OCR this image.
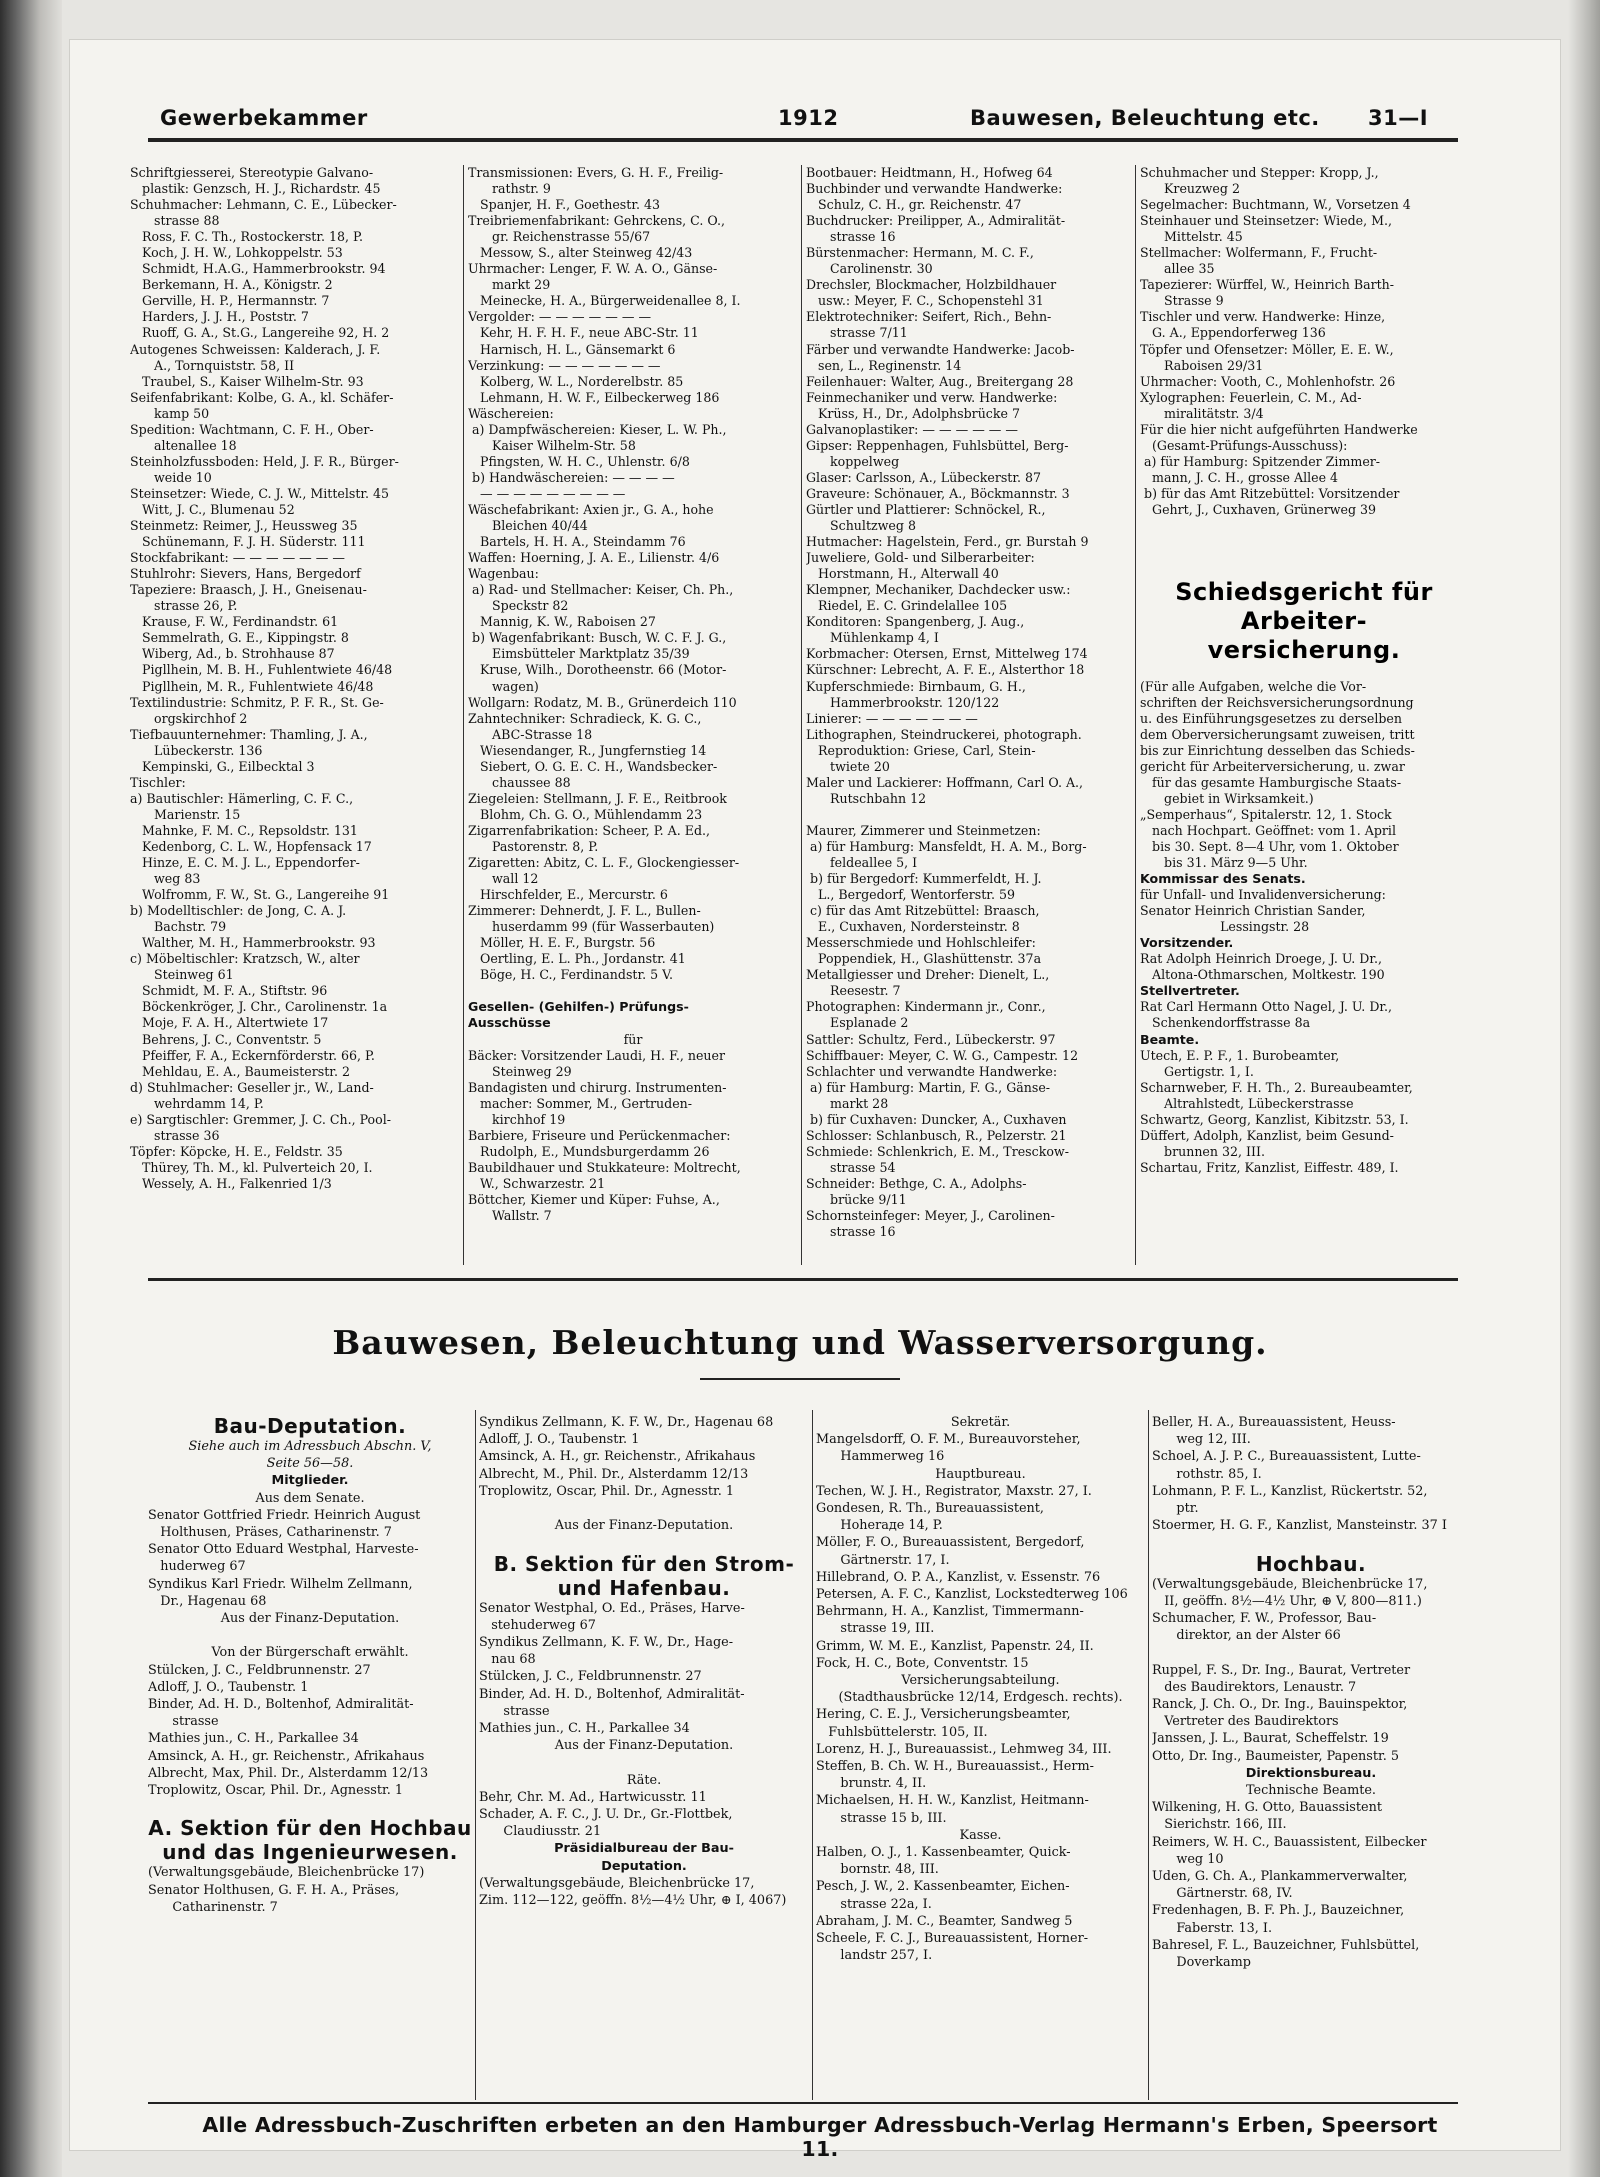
Gewerbekammer	1912	Bauwesen, Beleuchtung etc. 31—I
Schriftgiesserei, Stereotypie Galvano-
plastik: Genzsch, H. J., Richardstr. 45
Schuhmacher: Lehmann, C. E., Lübecker-
strasse 88
Ross, F. C. Th., Rostockerstr. 18, P.
Koch, J. H. W., Lohkoppelstr. 53
Schmidt, H.A.G., Hammerbrookstr. 94
Berkemann, H. A., Königstr. 2
Gerville, H. P., Hermannstr. 7
Harders, J. J. H., Poststr. 7
Ruoff, G. A., St.G., Langereihe 92, H. 2
Autogenes Schweissen: Kalderach, J. F.
A., Tornquiststr. 58, II
Traubel, S., Kaiser Wilhelm-Str. 93
Seifenfabrikant: Kolbe, G. A., kl. Schäfer-
kamp 50
Spedition: Wachtmann, C. F. H., Ober-
altenallee 18
Steinholzfussboden: Held, J. F. R., Bürger-
weide 10
Steinsetzer: Wiede, C. J. W., Mittelstr. 45
Witt, J. C., Blumenau 52
Steinmetz: Reimer, J., Heussweg 35
Schünemann, F. J. H. Süderstr. 111
Stockfabrikant: — — — — — — —
Stuhlrohr: Sievers, Hans, Bergedorf
Tapeziere: Braasch, J. H., Gneisenau-
strasse 26, P.
Krause, F. W., Ferdinandstr. 61
Semmelrath, G. E., Kippingstr. 8
Wiberg, Ad., b. Strohhause 87
Pigllhein, M. B. H., Fuhlentwiete 46/48
Pigllhein, M. R., Fuhlentwiete 46/48
Textilindustrie: Schmitz, P. F. R., St. Ge-
orgskirchhof 2
Tiefbauunternehmer: Thamling, J. A.,
Lübeckerstr. 136
Kempinski, G., Eilbecktal 3
Tischler:
a) Bautischler: Hämerling, C. F. C.,
Marienstr. 15
Mahnke, F. M. C., Repsoldstr. 131
Kedenborg, C. L. W., Hopfensack 17
Hinze, E. C. M. J. L., Eppendorfer-
weg 83
Wolfromm, F. W., St. G., Langereihe 91
b) Modelltischler: de Jong, C. A. J.
Bachstr. 79
Walther, M. H., Hammerbrookstr. 93
c) Möbeltischler: Kratzsch, W., alter
Steinweg 61
Schmidt, M. F. A., Stiftstr. 96
Böckenkröger, J. Chr., Carolinenstr. 1a
Moje, F. A. H., Altertwiete 17
Behrens, J. C., Conventstr. 5
Pfeiffer, F. A., Eckernförderstr. 66, P.
Mehldau, E. A., Baumeisterstr. 2
d) Stuhlmacher: Geseller jr., W., Land-
wehrdamm 14, P.
e) Sargtischler: Gremmer, J. C. Ch., Pool-
strasse 36
Töpfer: Köpcke, H. E., Feldstr. 35
Thürey, Th. M., kl. Pulverteich 20, I.
Wessely, A. H., Falkenried 1/3
Transmissionen: Evers, G. H. F., Freilig-
rathstr. 9
Spanjer, H. F., Goethestr. 43
Treibriemenfabrikant: Gehrckens, C. O.,
gr. Reichenstrasse 55/67
Messow, S., alter Steinweg 42/43
Uhrmacher: Lenger, F. W. A. O., Gänse-
markt 29
Meinecke, H. A., Bürgerweidenallee 8, I.
Vergolder: — — — — — — —
Kehr, H. F. H. F., neue ABC-Str. 11
Harnisch, H. L., Gänsemarkt 6
Verzinkung: — — — — — — —
Kolberg, W. L., Norderelbstr. 85
Lehmann, H. W. F., Eilbeckerweg 186
Wäschereien:
a) Dampfwäschereien: Kieser, L. W. Ph.,
Kaiser Wilhelm-Str. 58
Pfingsten, W. H. C., Uhlenstr. 6/8
b) Handwäschereien: — — — —
— — — — — — — — —
Wäschefabrikant: Axien jr., G. A., hohe
Bleichen 40/44
Bartels, H. H. A., Steindamm 76
Waffen: Hoerning, J. A. E., Lilienstr. 4/6
Wagenbau:
a) Rad- und Stellmacher: Keiser, Ch. Ph.,
Speckstr 82
Mannig, K. W., Raboisen 27
b) Wagenfabrikant: Busch, W. C. F. J. G.,
Eimsbütteler Marktplatz 35/39
Kruse, Wilh., Dorotheenstr. 66 (Motor-
wagen)
Wollgarn: Rodatz, M. B., Grünerdeich 110
Zahntechniker: Schradieck, K. G. C.,
ABC-Strasse 18
Wiesendanger, R., Jungfernstieg 14
Siebert, O. G. E. C. H., Wandsbecker-
chaussee 88
Ziegeleien: Stellmann, J. F. E., Reitbrook
Blohm, Ch. G. O., Mühlendamm 23
Zigarrenfabrikation: Scheer, P. A. Ed.,
Pastorenstr. 8, P.
Zigaretten: Abitz, C. L. F., Glockengiesser-
wall 12
Hirschfelder, E., Mercurstr. 6
Zimmerer: Dehnerdt, J. F. L., Bullen-
huserdamm 99 (für Wasserbauten)
Möller, H. E. F., Burgstr. 56
Oertling, E. L. Ph., Jordanstr. 41
Böge, H. C., Ferdinandstr. 5 V.

Gesellen- (Gehilfen-) Prüfungs-
Ausschüsse
für
Bäcker: Vorsitzender Laudi, H. F., neuer
Steinweg 29
Bandagisten und chirurg. Instrumenten-
macher: Sommer, M., Gertruden-
kirchhof 19
Barbiere, Friseure und Perückenmacher:
Rudolph, E., Mundsburgerdamm 26
Baubildhauer und Stukkateure: Moltrecht,
W., Schwarzestr. 21
Böttcher, Kiemer und Küper: Fuhse, A.,
Wallstr. 7
Bootbauer: Heidtmann, H., Hofweg 64
Buchbinder und verwandte Handwerke:
Schulz, C. H., gr. Reichenstr. 47
Buchdrucker: Preilipper, A., Admiralität-
strasse 16
Bürstenmacher: Hermann, M. C. F.,
Carolinenstr. 30
Drechsler, Blockmacher, Holzbildhauer
usw.: Meyer, F. C., Schopenstehl 31
Elektrotechniker: Seifert, Rich., Behn-
strasse 7/11
Färber und verwandte Handwerke: Jacob-
sen, L., Reginenstr. 14
Feilenhauer: Walter, Aug., Breitergang 28
Feinmechaniker und verw. Handwerke:
Krüss, H., Dr., Adolphsbrücke 7
Galvanoplastiker: — — — — — —
Gipser: Reppenhagen, Fuhlsbüttel, Berg-
koppelweg
Glaser: Carlsson, A., Lübeckerstr. 87
Graveure: Schönauer, A., Böckmannstr. 3
Gürtler und Plattierer: Schnöckel, R.,
Schultzweg 8
Hutmacher: Hagelstein, Ferd., gr. Burstah 9
Juweliere, Gold- und Silberarbeiter:
Horstmann, H., Alterwall 40
Klempner, Mechaniker, Dachdecker usw.:
Riedel, E. C. Grindelallee 105
Konditoren: Spangenberg, J. Aug.,
Mühlenkamp 4, I
Korbmacher: Otersen, Ernst, Mittelweg 174
Kürschner: Lebrecht, A. F. E., Alsterthor 18
Kupferschmiede: Birnbaum, G. H.,
Hammerbrookstr. 120/122
Linierer: — — — — — — —
Lithographen, Steindruckerei, photograph.
Reproduktion: Griese, Carl, Stein-
twiete 20
Maler und Lackierer: Hoffmann, Carl O. A.,
Rutschbahn 12

Maurer, Zimmerer und Steinmetzen:
a) für Hamburg: Mansfeldt, H. A. M., Borg-
feldeallee 5, I
b) für Bergedorf: Kummerfeldt, H. J.
L., Bergedorf, Wentorferstr. 59
c) für das Amt Ritzebüttel: Braasch,
E., Cuxhaven, Nordersteinstr. 8
Messerschmiede und Hohlschleifer:
Poppendiek, H., Glashüttenstr. 37a
Metallgiesser und Dreher: Dienelt, L.,
Reesestr. 7
Photographen: Kindermann jr., Conr.,
Esplanade 2
Sattler: Schultz, Ferd., Lübeckerstr. 97
Schiffbauer: Meyer, C. W. G., Campestr. 12
Schlachter und verwandte Handwerke:
a) für Hamburg: Martin, F. G., Gänse-
markt 28
b) für Cuxhaven: Duncker, A., Cuxhaven
Schlosser: Schlanbusch, R., Pelzerstr. 21
Schmiede: Schlenkrich, E. M., Tresckow-
strasse 54
Schneider: Bethge, C. A., Adolphs-
brücke 9/11
Schornsteinfeger: Meyer, J., Carolinen-
strasse 16
Schuhmacher und Stepper: Kropp, J.,
Kreuzweg 2
Segelmacher: Buchtmann, W., Vorsetzen 4
Steinhauer und Steinsetzer: Wiede, M.,
Mittelstr. 45
Stellmacher: Wolfermann, F., Frucht-
allee 35
Tapezierer: Würffel, W., Heinrich Barth-
Strasse 9
Tischler und verw. Handwerke: Hinze,
G. A., Eppendorferweg 136
Töpfer und Ofensetzer: Möller, E. E. W.,
Raboisen 29/31
Uhrmacher: Vooth, C., Mohlenhofstr. 26
Xylographen: Feuerlein, C. M., Ad-
miralitätstr. 3/4
Für die hier nicht aufgeführten Handwerke
(Gesamt-Prüfungs-Ausschuss):
a) für Hamburg: Spitzender Zimmer-
mann, J. C. H., grosse Allee 4
b) für das Amt Ritzebüttel: Vorsitzender
Gehrt, J., Cuxhaven, Grünerweg 39

(Für alle Aufgaben, welche die Vor-
schriften der Reichsversicherungsordnung
u. des Einführungsgesetzes zu derselben
dem Oberversicherungsamt zuweisen, tritt
bis zur Einrichtung desselben das Schieds-
gericht für Arbeiterversicherung, u. zwar
für das gesamte Hamburgische Staats-
gebiet in Wirksamkeit.)
„Semperhaus“, Spitalerstr. 12, 1. Stock
nach Hochpart. Geöffnet: vom 1. April
bis 30. Sept. 8—4 Uhr, vom 1. Oktober
bis 31. März 9—5 Uhr.
Kommissar des Senats.
für Unfall- und Invalidenversicherung:
Senator Heinrich Christian Sander,
Lessingstr. 28
Vorsitzender.
Rat Adolph Heinrich Droege, J. U. Dr.,
Altona-Othmarschen, Moltkestr. 190
Stellvertreter.
Rat Carl Hermann Otto Nagel, J. U. Dr.,
Schenkendorffstrasse 8a
Beamte.
Utech, E. P. F., 1. Burobeamter,
Gertigstr. 1, I.
Scharnweber, F. H. Th., 2. Bureaubeamter,
Altrahlstedt, Lübeckerstrasse
Schwartz, Georg, Kanzlist, Kibitzstr. 53, I.
Düffert, Adolph, Kanzlist, beim Gesund-
brunnen 32, III.
Schartau, Fritz, Kanzlist, Eiffestr. 489, I.
Schiedsgericht für
Arbeiter-
versicherung.
Bauwesen, Beleuchtung und Wasserversorgung.
Bau-Deputation.
Siehe auch im Adressbuch Abschn. V,
Seite 56—58.
Mitglieder.
Aus dem Senate.
Senator Gottfried Friedr. Heinrich August
Holthusen, Präses, Catharinenstr. 7
Senator Otto Eduard Westphal, Harveste-
huderweg 67
Syndikus Karl Friedr. Wilhelm Zellmann,
Dr., Hagenau 68
Aus der Finanz-Deputation.

Von der Bürgerschaft erwählt.
Stülcken, J. C., Feldbrunnenstr. 27
Adloff, J. O., Taubenstr. 1
Binder, Ad. H. D., Boltenhof, Admiralität-
strasse
Mathies jun., C. H., Parkallee 34
Amsinck, A. H., gr. Reichenstr., Afrikahaus
Albrecht, Max, Phil. Dr., Alsterdamm 12/13
Troplowitz, Oscar, Phil. Dr., Agnesstr. 1

A. Sektion für den Hochbau
und das Ingenieurwesen.
(Verwaltungsgebäude, Bleichenbrücke 17)
Senator Holthusen, G. F. H. A., Präses,
Catharinenstr. 7
Syndikus Zellmann, K. F. W., Dr., Hagenau 68
Adloff, J. O., Taubenstr. 1
Amsinck, A. H., gr. Reichenstr., Afrikahaus
Albrecht, M., Phil. Dr., Alsterdamm 12/13
Troplowitz, Oscar, Phil. Dr., Agnesstr. 1

Aus der Finanz-Deputation.

B. Sektion für den Strom-
und Hafenbau.
Senator Westphal, O. Ed., Präses, Harve-
stehuderweg 67
Syndikus Zellmann, K. F. W., Dr., Hage-
nau 68
Stülcken, J. C., Feldbrunnenstr. 27
Binder, Ad. H. D., Boltenhof, Admiralität-
strasse
Mathies jun., C. H., Parkallee 34
Aus der Finanz-Deputation.

Räte.
Behr, Chr. M. Ad., Hartwicusstr. 11
Schader, A. F. C., J. U. Dr., Gr.-Flottbek,
Claudiusstr. 21
Präsidialbureau der Bau-
Deputation.
(Verwaltungsgebäude, Bleichenbrücke 17,
Zim. 112—122, geöffn. 8½—4½ Uhr, ⊕ I, 4067)
Sekretär.
Mangelsdorff, O. F. M., Bureauvorsteher,
Hammerweg 16
Hauptbureau.
Techen, W. J. H., Registrator, Maxstr. 27, I.
Gondesen, R. Th., Bureauassistent,
Hoheraде 14, P.
Möller, F. O., Bureauassistent, Bergedorf,
Gärtnerstr. 17, I.
Hillebrand, O. P. A., Kanzlist, v. Essenstr. 76
Petersen, A. F. C., Kanzlist, Lockstedterweg 106
Behrmann, H. A., Kanzlist, Timmermann-
strasse 19, III.
Grimm, W. M. E., Kanzlist, Papenstr. 24, II.
Fock, H. C., Bote, Conventstr. 15
Versicherungsabteilung.
(Stadthausbrücke 12/14, Erdgesch. rechts).
Hering, C. E. J., Versicherungsbeamter,
Fuhlsbüttelerstr. 105, II.
Lorenz, H. J., Bureauassist., Lehmweg 34, III.
Steffen, B. Ch. W. H., Bureauassist., Herm-
brunstr. 4, II.
Michaelsen, H. H. W., Kanzlist, Heitmann-
strasse 15 b, III.
Kasse.
Halben, O. J., 1. Kassenbeamter, Quick-
bornstr. 48, III.
Pesch, J. W., 2. Kassenbeamter, Eichen-
strasse 22a, I.
Abraham, J. M. C., Beamter, Sandweg 5
Scheele, F. C. J., Bureauassistent, Horner-
landstr 257, I.
Beller, H. A., Bureauassistent, Heuss-
weg 12, III.
Schoel, A. J. P. C., Bureauassistent, Lutte-
rothstr. 85, I.
Lohmann, P. F. L., Kanzlist, Rückertstr. 52,
ptr.
Stoermer, H. G. F., Kanzlist, Mansteinstr. 37 I

Hochbau.
(Verwaltungsgebäude, Bleichenbrücke 17,
II, geöffn. 8½—4½ Uhr, ⊕ V, 800—811.)
Schumacher, F. W., Professor, Bau-
direktor, an der Alster 66

Ruppel, F. S., Dr. Ing., Baurat, Vertreter
des Baudirektors, Lenaustr. 7
Ranck, J. Ch. O., Dr. Ing., Bauinspektor,
Vertreter des Baudirektors
Janssen, J. L., Baurat, Scheffelstr. 19
Otto, Dr. Ing., Baumeister, Papenstr. 5
Direktionsbureau.
Technische Beamte.
Wilkening, H. G. Otto, Bauassistent
Sierichstr. 166, III.
Reimers, W. H. C., Bauassistent, Eilbecker
weg 10
Uden, G. Ch. A., Plankammerverwalter,
Gärtnerstr. 68, IV.
Fredenhagen, B. F. Ph. J., Bauzeichner,
Faberstr. 13, I.
Bahresel, F. L., Bauzeichner, Fuhlsbüttel,
Doverkamp
Alle Adressbuch-Zuschriften erbeten an den Hamburger Adressbuch-Verlag Hermann's Erben, Speersort 11.
